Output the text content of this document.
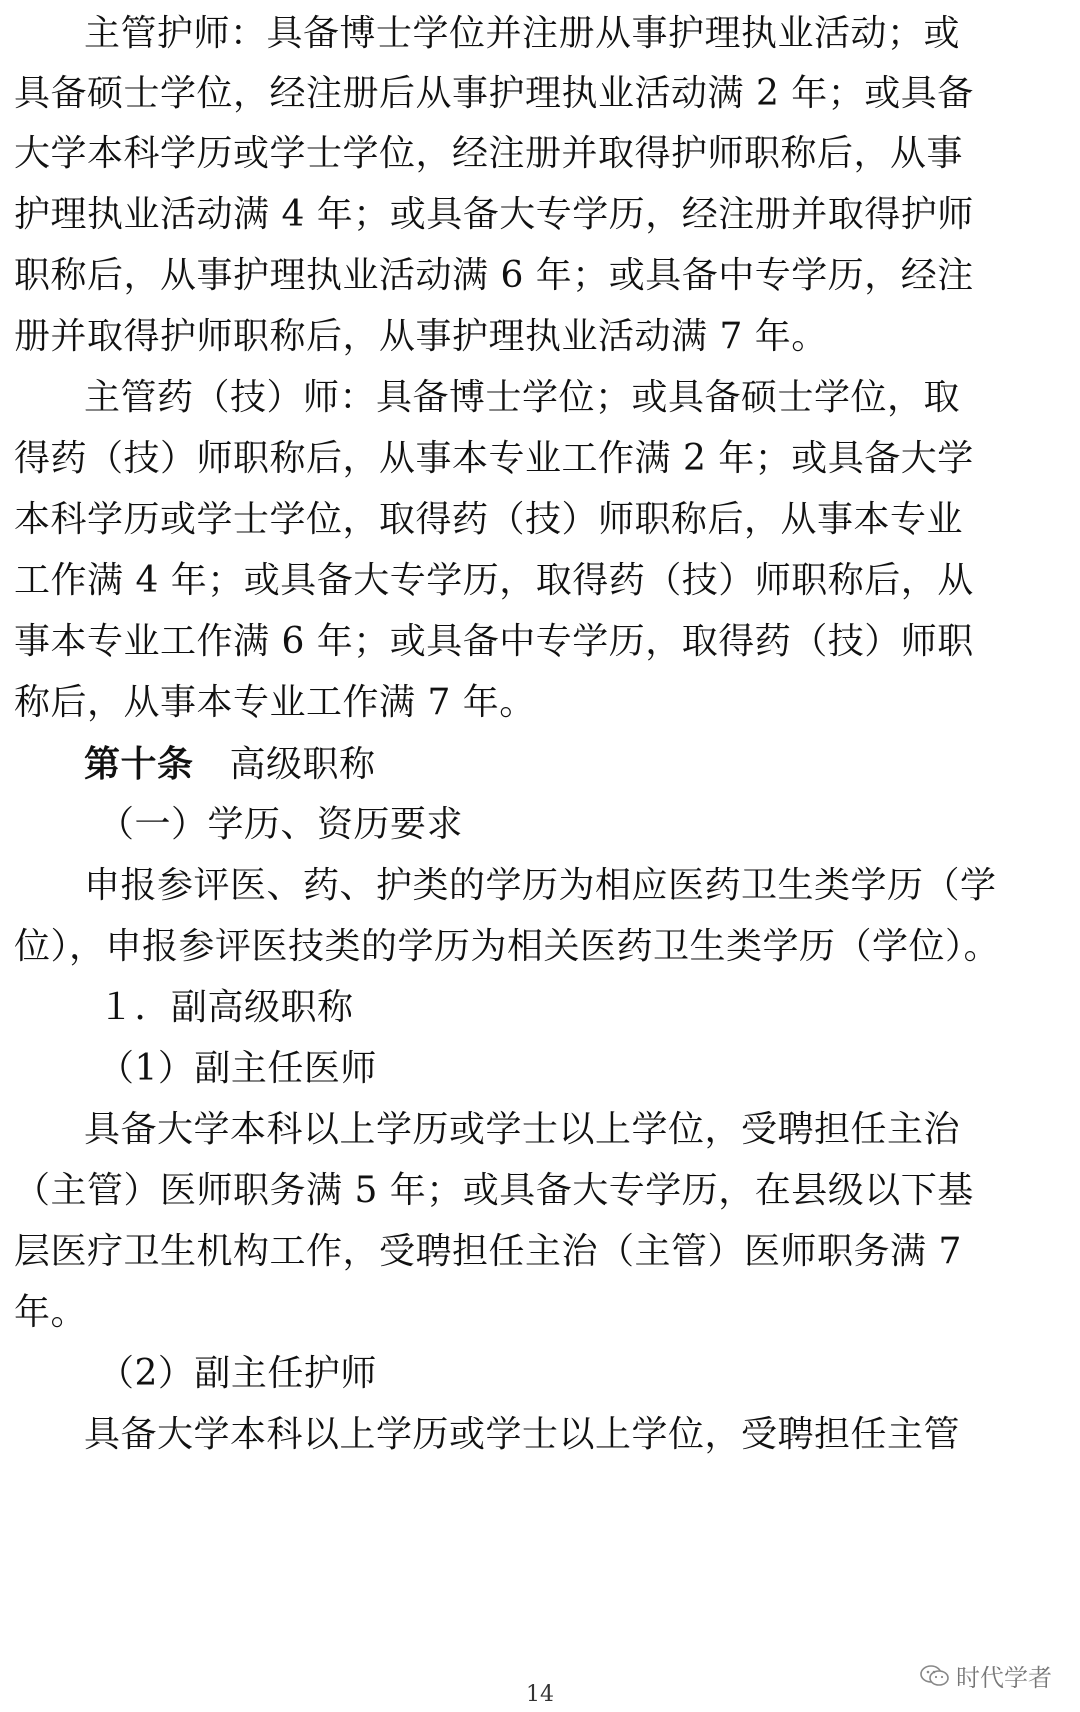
主管护师：具备博士学位并注册从事护理执业活动；或
具备硕士学位，经注册后从事护理执业活动满 2 年；或具备
大学本科学历或学士学位，经注册并取得护师职称后，从事
护理执业活动满 4 年；或具备大专学历，经注册并取得护师
职称后，从事护理执业活动满 6 年；或具备中专学历，经注
册并取得护师职称后，从事护理执业活动满 7 年。
主管药（技）师：具备博士学位；或具备硕士学位，取
得药（技）师职称后，从事本专业工作满 2 年；或具备大学
本科学历或学士学位，取得药（技）师职称后，从事本专业
工作满 4 年；或具备大专学历，取得药（技）师职称后，从
事本专业工作满 6 年；或具备中专学历，取得药（技）师职
称后，从事本专业工作满 7 年。
第十条 高级职称
（一）学历、资历要求
申报参评医、药、护类的学历为相应医药卫生类学历（学
位），申报参评医技类的学历为相关医药卫生类学历（学位）。
１．副高级职称
（1）副主任医师
具备大学本科以上学历或学士以上学位，受聘担任主治
（主管）医师职务满 5 年；或具备大专学历，在县级以下基
层医疗卫生机构工作，受聘担任主治（主管）医师职务满 7
年。
（2）副主任护师
具备大学本科以上学历或学士以上学位，受聘担任主管
时代学者
14
